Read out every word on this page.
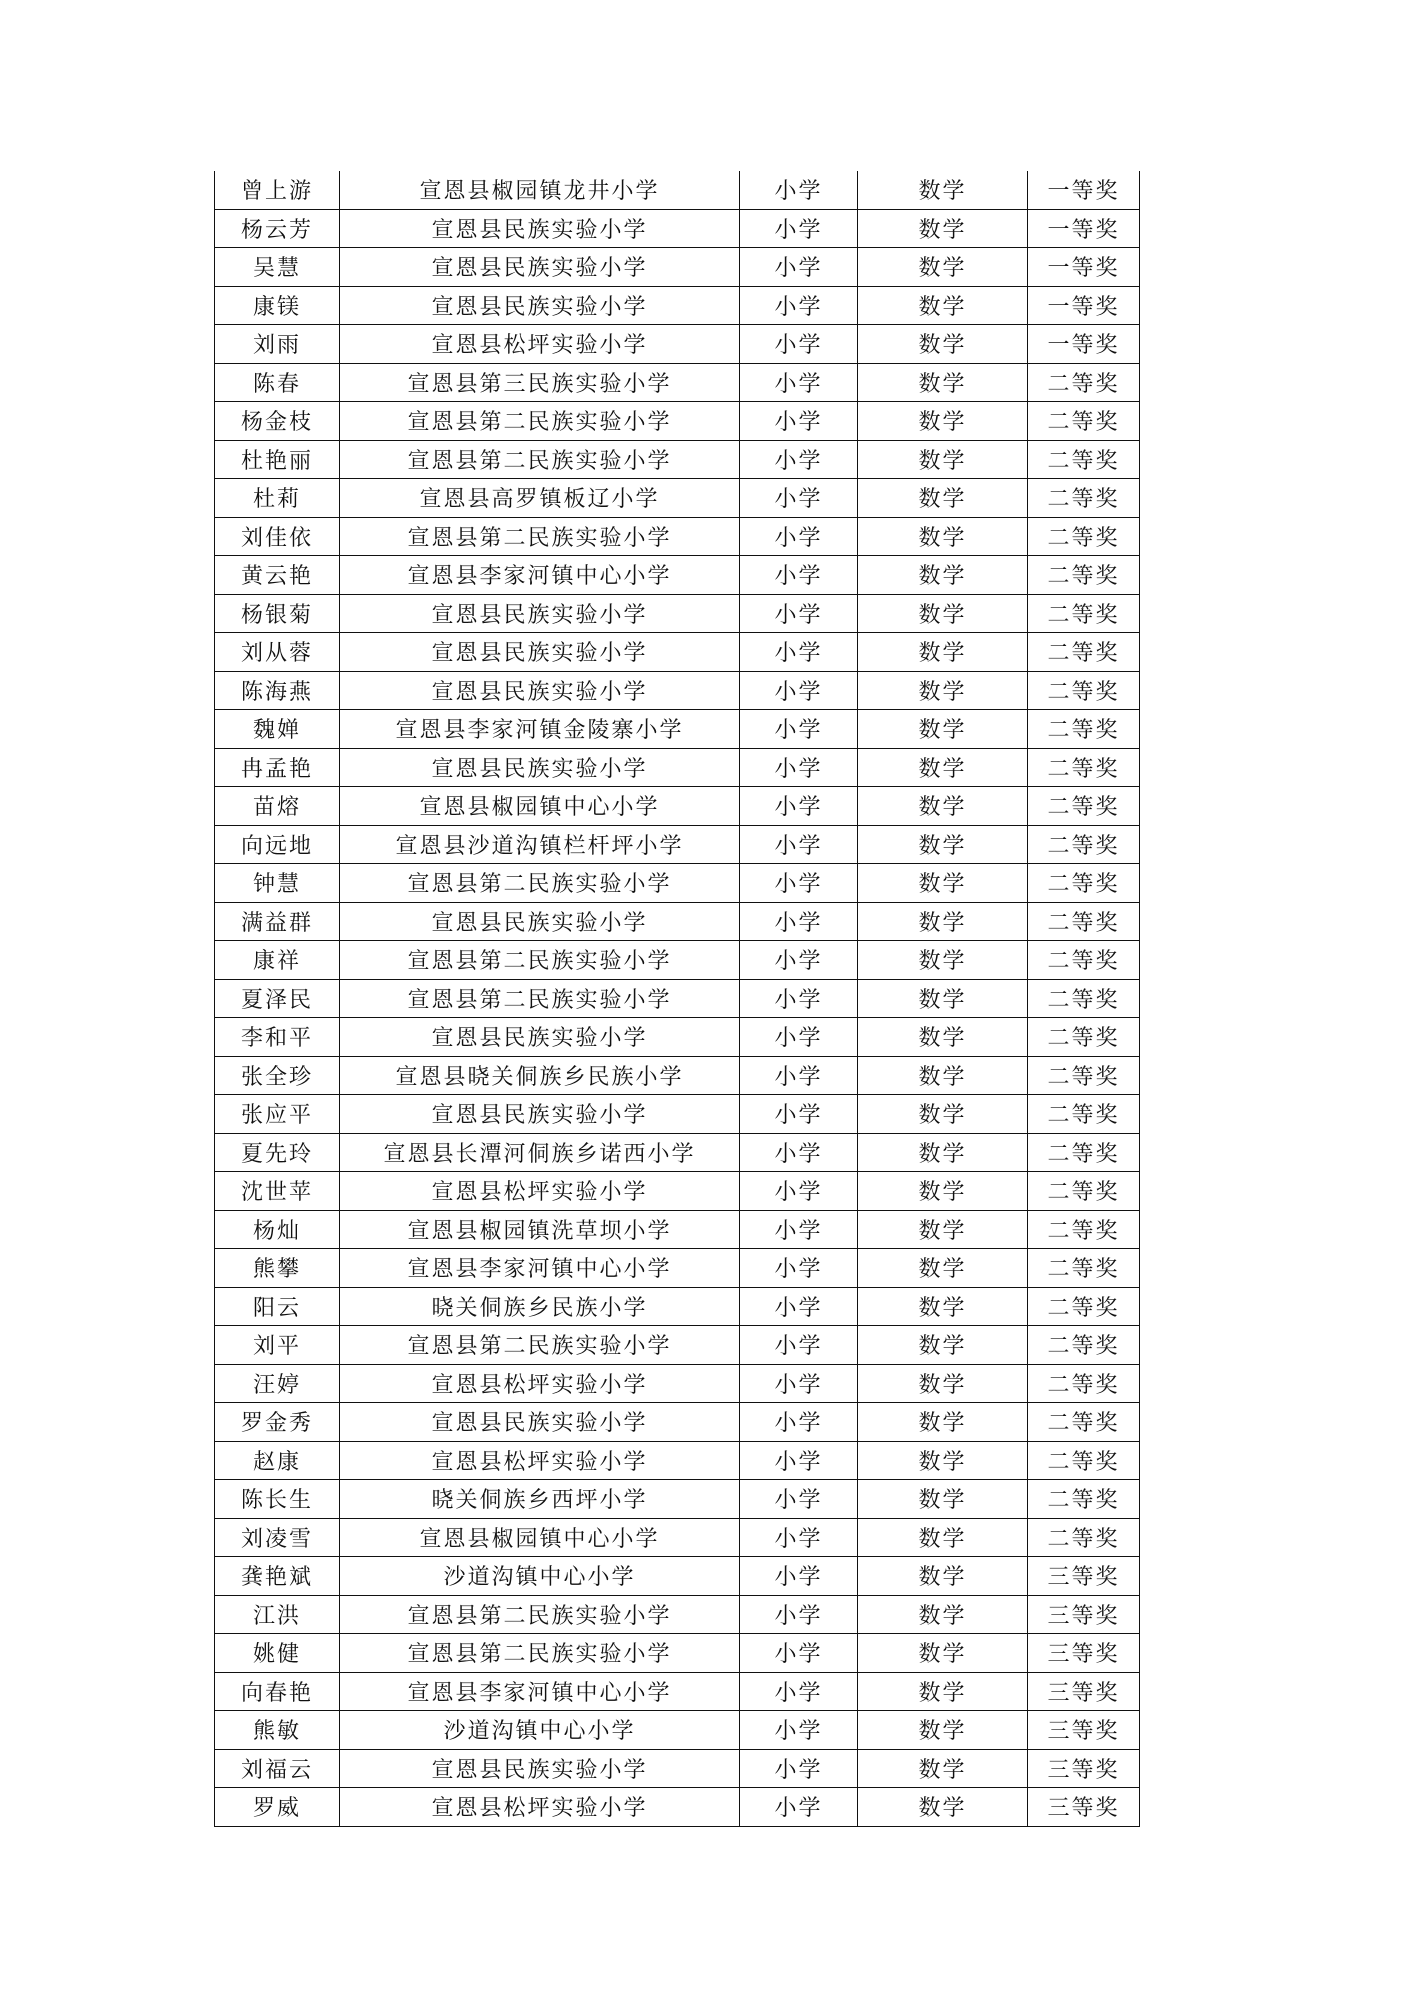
曾上游	宣恩县椒园镇龙井小学	小学	数学	一等奖
杨云芳	宣恩县民族实验小学	小学	数学	一等奖
吴慧	宣恩县民族实验小学	小学	数学	一等奖
康镁	宣恩县民族实验小学	小学	数学	一等奖
刘雨	宣恩县松坪实验小学	小学	数学	一等奖
陈春	宣恩县第三民族实验小学	小学	数学	二等奖
杨金枝	宣恩县第二民族实验小学	小学	数学	二等奖
杜艳丽	宣恩县第二民族实验小学	小学	数学	二等奖
杜莉	宣恩县高罗镇板辽小学	小学	数学	二等奖
刘佳依	宣恩县第二民族实验小学	小学	数学	二等奖
黄云艳	宣恩县李家河镇中心小学	小学	数学	二等奖
杨银菊	宣恩县民族实验小学	小学	数学	二等奖
刘从蓉	宣恩县民族实验小学	小学	数学	二等奖
陈海燕	宣恩县民族实验小学	小学	数学	二等奖
魏婵	宣恩县李家河镇金陵寨小学	小学	数学	二等奖
冉孟艳	宣恩县民族实验小学	小学	数学	二等奖
苗熔	宣恩县椒园镇中心小学	小学	数学	二等奖
向远地	宣恩县沙道沟镇栏杆坪小学	小学	数学	二等奖
钟慧	宣恩县第二民族实验小学	小学	数学	二等奖
满益群	宣恩县民族实验小学	小学	数学	二等奖
康祥	宣恩县第二民族实验小学	小学	数学	二等奖
夏泽民	宣恩县第二民族实验小学	小学	数学	二等奖
李和平	宣恩县民族实验小学	小学	数学	二等奖
张全珍	宣恩县晓关侗族乡民族小学	小学	数学	二等奖
张应平	宣恩县民族实验小学	小学	数学	二等奖
夏先玲	宣恩县长潭河侗族乡诺西小学	小学	数学	二等奖
沈世苹	宣恩县松坪实验小学	小学	数学	二等奖
杨灿	宣恩县椒园镇洗草坝小学	小学	数学	二等奖
熊攀	宣恩县李家河镇中心小学	小学	数学	二等奖
阳云	晓关侗族乡民族小学	小学	数学	二等奖
刘平	宣恩县第二民族实验小学	小学	数学	二等奖
汪婷	宣恩县松坪实验小学	小学	数学	二等奖
罗金秀	宣恩县民族实验小学	小学	数学	二等奖
赵康	宣恩县松坪实验小学	小学	数学	二等奖
陈长生	晓关侗族乡西坪小学	小学	数学	二等奖
刘凌雪	宣恩县椒园镇中心小学	小学	数学	二等奖
龚艳斌	沙道沟镇中心小学	小学	数学	三等奖
江洪	宣恩县第二民族实验小学	小学	数学	三等奖
姚健	宣恩县第二民族实验小学	小学	数学	三等奖
向春艳	宣恩县李家河镇中心小学	小学	数学	三等奖
熊敏	沙道沟镇中心小学	小学	数学	三等奖
刘福云	宣恩县民族实验小学	小学	数学	三等奖
罗威	宣恩县松坪实验小学	小学	数学	三等奖
